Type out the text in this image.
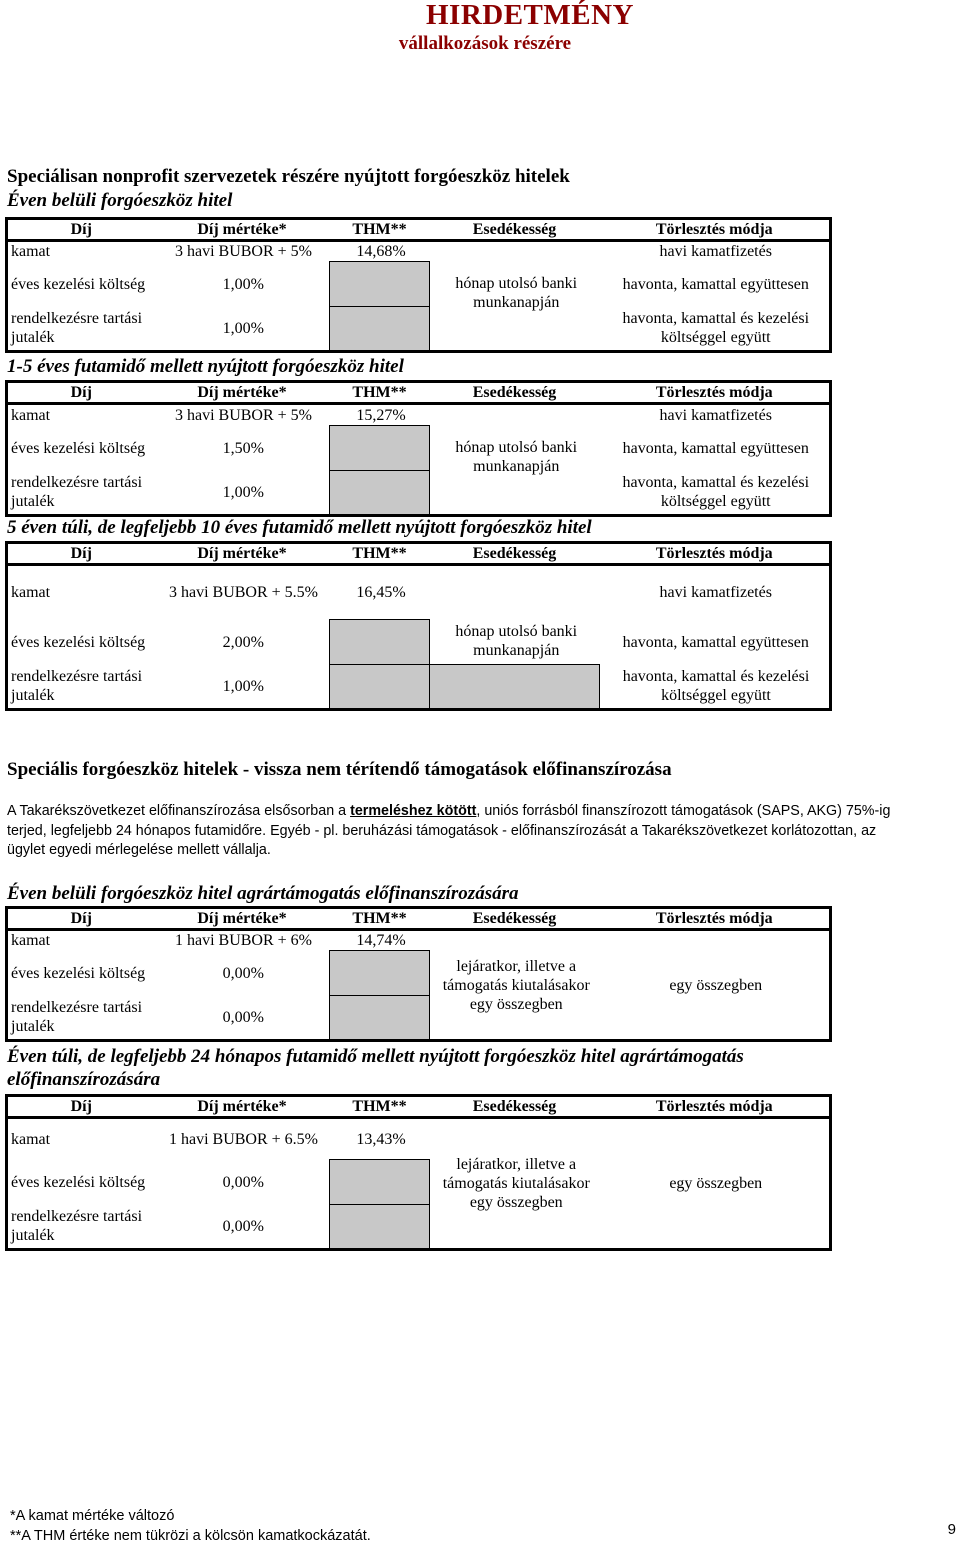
HIRDETMÉNY
vállalkozások részére
Speciálisan nonprofit szervezetek részére nyújtott forgóeszköz hitelek
Éven belüli forgóeszköz hitel
Díj	Díj mértéke*	THM**	Esedékesség	Törlesztés módja
kamat	3 havi BUBOR + 5%	14,68%		havi kamatfizetés
éves kezelési költség	1,00%		hónap utolsó banki munkanapján	havonta, kamattal együttesen
rendelkezésre tartási jutalék	1,00%			havonta, kamattal és kezelési költséggel együtt
1-5 éves futamidő mellett nyújtott forgóeszköz hitel
Díj	Díj mértéke*	THM**	Esedékesség	Törlesztés módja
kamat	3 havi BUBOR + 5%	15,27%		havi kamatfizetés
éves kezelési költség	1,50%		hónap utolsó banki munkanapján	havonta, kamattal együttesen
rendelkezésre tartási jutalék	1,00%			havonta, kamattal és kezelési költséggel együtt
5 éven túli, de legfeljebb 10 éves futamidő mellett nyújtott forgóeszköz hitel
Díj	Díj mértéke*	THM**	Esedékesség	Törlesztés módja
kamat	3 havi BUBOR + 5.5%	16,45%		havi kamatfizetés
éves kezelési költség	2,00%		hónap utolsó banki munkanapján	havonta, kamattal együttesen
rendelkezésre tartási jutalék	1,00%			havonta, kamattal és kezelési költséggel együtt
Speciális forgóeszköz hitelek - vissza nem térítendő támogatások előfinanszírozása
A Takarékszövetkezet előfinanszírozása elsősorban a termeléshez kötött, uniós forrásból finanszírozott támogatások (SAPS, AKG) 75%-ig terjed, legfeljebb 24 hónapos futamidőre. Egyéb - pl. beruházási támogatások - előfinanszírozását a Takarékszövetkezet korlátozottan, az ügylet egyedi mérlegelése mellett vállalja.
Éven belüli forgóeszköz hitel agrártámogatás előfinanszírozására
Díj	Díj mértéke*	THM**	Esedékesség	Törlesztés módja
kamat	1 havi BUBOR + 6%	14,74%	lejáratkor, illetve a támogatás kiutalásakor egy összegben	egy összegben
éves kezelési költség	0,00%			
rendelkezésre tartási jutalék	0,00%			
Éven túli, de legfeljebb 24 hónapos futamidő mellett nyújtott forgóeszköz hitel agrártámogatás előfinanszírozására
Díj	Díj mértéke*	THM**	Esedékesség	Törlesztés módja
kamat	1 havi BUBOR + 6.5%	13,43%	lejáratkor, illetve a támogatás kiutalásakor egy összegben	egy összegben
éves kezelési költség	0,00%			
rendelkezésre tartási jutalék	0,00%			
*A kamat mértéke változó
**A THM értéke nem tükrözi a kölcsön kamatkockázatát.	9
